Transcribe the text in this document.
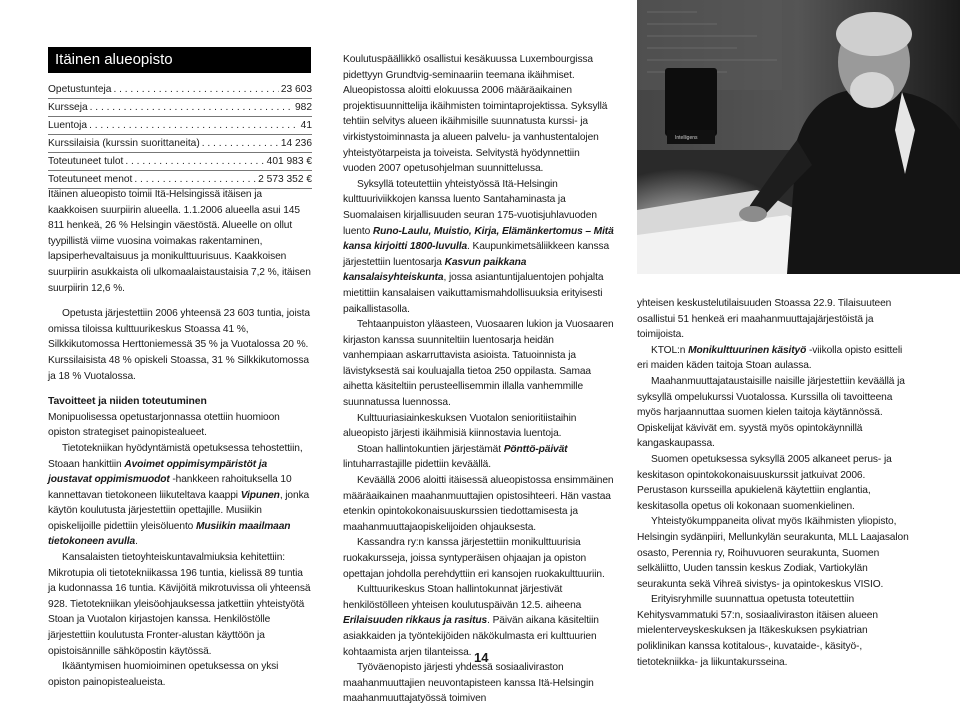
Itäinen alueopisto
Opetustunteja . . .	23 603
Kursseja . . .	982
Luentoja . . .	41
Kurssilaisia (kurssin suorittaneita) . . .	14 236
Toteutuneet tulot . . .	401 983 €
Toteutuneet menot . . .	2 573 352 €

Itäinen alueopisto toimii Itä-Helsingissä itäisen ja kaakkoisen suurpiirin alueella. 1.1.2006 alueella asui 145 811 henkeä, 26 % Helsingin väestöstä. Alueelle on ollut tyypillistä viime vuosina voimakas rakentaminen, lapsiperhevaltaisuus ja monikulttuurisuus. Kaakkoisen suurpiirin asukkaista oli ulkomaalaistaustaisia 7,2 %, itäisen suurpiirin 12,6 %.

Opetusta järjestettiin 2006 yhteensä 23 603 tuntia, joista omissa tiloissa kulttuurikeskus Stoassa 41 %, Silkkikutomossa Herttoniemessä 35 % ja Vuotalossa 20 %. Kurssilaisista 48 % opiskeli Stoassa, 31 % Silkkikutomossa ja 18 % Vuotalossa.

Tavoitteet ja niiden toteutuminen

Monipuolisessa opetustarjonnassa otettiin huomioon opiston strategiset painopistealueet.

Tietotekniikan hyödyntämistä opetuksessa tehostettiin, Stoaan hankittiin Avoimet oppimisympäristöt ja joustavat oppimismuodot -hankkeen rahoituksella 10 kannettavan tietokoneen liikuteltava kaappi Vipunen, jonka käytön koulutusta järjestettiin opettajille. Musiikin opiskelijoille pidettiin yleisöluento Musiikin maailmaan tietokoneen avulla.

Kansalaisten tietoyhteiskuntavalmiuksia kehitettiin: Mikrotupia oli tietotekniikassa 196 tuntia, kielissä 89 tuntia ja kudonnassa 16 tuntia. Kävijöitä mikrotuvissa oli yhteensä 928. Tietotekniikan yleisöohjauksessa jatkettiin yhteistyötä Stoan ja Vuotalon kirjastojen kanssa. Henkilöstölle järjestettiin koulutusta Fronter-alustan käyttöön ja opistoisännille sähköpostin käytössä.

Ikääntymisen huomioiminen opetuksessa on yksi opiston painopistealueista.

Koulutuspäällikkö osallistui kesäkuussa Luxembourgissa pidettyyn Grundtvig-seminaariin teemana ikäihmiset. Alueopistossa aloitti elokuussa 2006 määräaikainen projektisuunnittelija ikäihmisten toimintaprojektissa. Syksyllä tehtiin selvitys alueen ikäihmisille suunnatusta kurssi- ja virkistystoiminnasta ja alueen palvelu- ja vanhustentalojen yhteistyötarpeista ja toiveista. Selvitystä hyödynnettiin vuoden 2007 opetusohjelman suunnittelussa.

Syksyllä toteutettiin yhteistyössä Itä-Helsingin kulttuuriviikkojen kanssa luento Santahaminasta ja Suomalaisen kirjallisuuden seuran 175-vuotisjuhlavuoden luento Runo-Laulu, Muistio, Kirja, Elämänkertomus – Mitä kansa kirjoitti 1800-luvulla. Kaupunkimetsäliikkeen kanssa järjestettiin luentosarja Kasvun paikkana kansalaisyhteiskunta, jossa asiantuntijaluentojen pohjalta mietittiin kansalaisen vaikuttamismahdollisuuksia erityisesti paikallistasolla.

Tehtaanpuiston yläasteen, Vuosaaren lukion ja Vuosaaren kirjaston kanssa suunniteltiin luentosarja heidän vanhempiaan askarruttavista asioista. Tatuoinnista ja lävistyksestä sai kouluajalla tietoa 250 oppilasta. Samaa aihetta käsiteltiin perusteellisemmin illalla vanhemmille suunnatussa luennossa.

Kulttuuriasiainkeskuksen Vuotalon senioritiistaihin alueopisto järjesti ikäihmisiä kiinnostavia luentoja.

Stoan hallintokuntien järjestämät Pönttö-päivät lintuharrastajille pidettiin keväällä.

Keväällä 2006 aloitti itäisessä alueopistossa ensimmäinen määräaikainen maahanmuuttajien opistosihteeri. Hän vastaa etenkin opintokokonaisuuskurssien tiedottamisesta ja maahanmuuttajaopiskelijoiden ohjauksesta.

Kassandra ry:n kanssa järjestettiin monikulttuurisia ruokakursseja, joissa syntyperäisen ohjaajan ja opiston opettajan johdolla perehdyttiin eri kansojen ruokakulttuuriin.

Kulttuurikeskus Stoan hallintokunnat järjestivät henkilöstölleen yhteisen koulutuspäivän 12.5. aiheena Erilaisuuden rikkaus ja rasitus. Päivän aikana käsiteltiin asiakkaiden ja työntekijöiden näkökulmasta eri kulttuurien kohtaamista arjen tilanteissa.

Työväenopisto järjesti yhdessä sosiaaliviraston maahanmuuttajien neuvontapisteen kanssa Itä-Helsingin maahanmuuttajatyössä toimiven

Intelligens

yhteisen keskustelutilaisuuden Stoassa 22.9. Tilaisuuteen osallistui 51 henkeä eri maahanmuuttajajärjestöistä ja toimijoista.

KTOL:n Monikulttuurinen käsityö -viikolla opisto esitteli eri maiden käden taitoja Stoan aulassa.

Maahanmuuttajataustaisille naisille järjestettiin keväällä ja syksyllä ompelukurssi Vuotalossa. Kurssilla oli tavoitteena myös harjaannuttaa suomen kielen taitoja käytännössä. Opiskelijat kävivät em. syystä myös opintokäynnillä kangaskaupassa.

Suomen opetuksessa syksyllä 2005 alkaneet perus- ja keskitason opintokokonaisuuskurssit jatkuivat 2006. Perustason kursseilla apukielenä käytettiin englantia, keskitasolla opetus oli kokonaan suomenkielinen.

Yhteistyökumppaneita olivat myös Ikäihmisten yliopisto, Helsingin sydänpiiri, Mellunkylän seurakunta, MLL Laajasalon osasto, Perennia ry, Roihuvuoren seurakunta, Suomen selkäliitto, Uuden tanssin keskus Zodiak, Vartiokylän seurakunta sekä Vihreä sivistys- ja opintokeskus VISIO.

Erityisryhmille suunnattua opetusta toteutettiin Kehitysvammatuki 57:n, sosiaaliviraston itäisen alueen mielenterveyskeskuksen ja Itäkeskuksen psykiatrian poliklinikan kanssa kotitalous-, kuvataide-, käsityö-, tietotekniikka- ja liikuntakursseina.

14
